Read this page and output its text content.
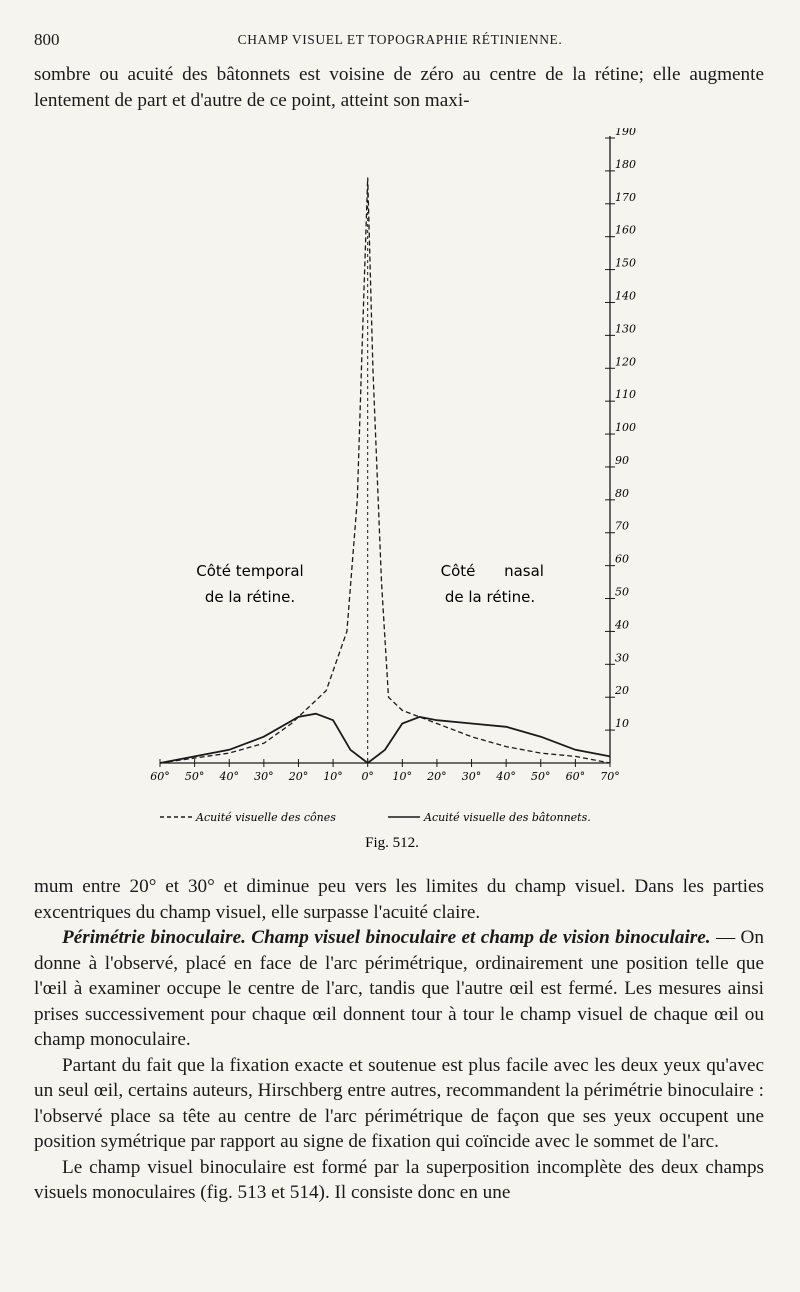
800	CHAMP VISUEL ET TOPOGRAPHIE RÉTINIENNE.

sombre ou acuité des bâtonnets est voisine de zéro au centre de la rétine; elle augmente lentement de part et d'autre de ce point, atteint son maxi-

60° 50° 40° 30° 20° 10° 0° 10° 20° 30° 40° 50° 60° 70°
10
20
30
40
50
60
70
80
90
100
110
120
130
140
150
160
170
180
190
Côté temporal
de la rétine.
Côté nasal
de la rétine.
Acuité visuelle des cônes	Acuité visuelle des bâtonnets.
Fig. 512.

mum entre 20° et 30° et diminue peu vers les limites du champ visuel. Dans les parties excentriques du champ visuel, elle surpasse l'acuité claire.

Périmétrie binoculaire. Champ visuel binoculaire et champ de vision binoculaire. — On donne à l'observé, placé en face de l'arc périmétrique, ordinairement une position telle que l'œil à examiner occupe le centre de l'arc, tandis que l'autre œil est fermé. Les mesures ainsi prises successivement pour chaque œil donnent tour à tour le champ visuel de chaque œil ou champ monoculaire.

Partant du fait que la fixation exacte et soutenue est plus facile avec les deux yeux qu'avec un seul œil, certains auteurs, Hirschberg entre autres, recommandent la périmétrie binoculaire : l'observé place sa tête au centre de l'arc périmétrique de façon que ses yeux occupent une position symétrique par rapport au signe de fixation qui coïncide avec le sommet de l'arc.

Le champ visuel binoculaire est formé par la superposition incomplète des deux champs visuels monoculaires (fig. 513 et 514). Il consiste donc en une
